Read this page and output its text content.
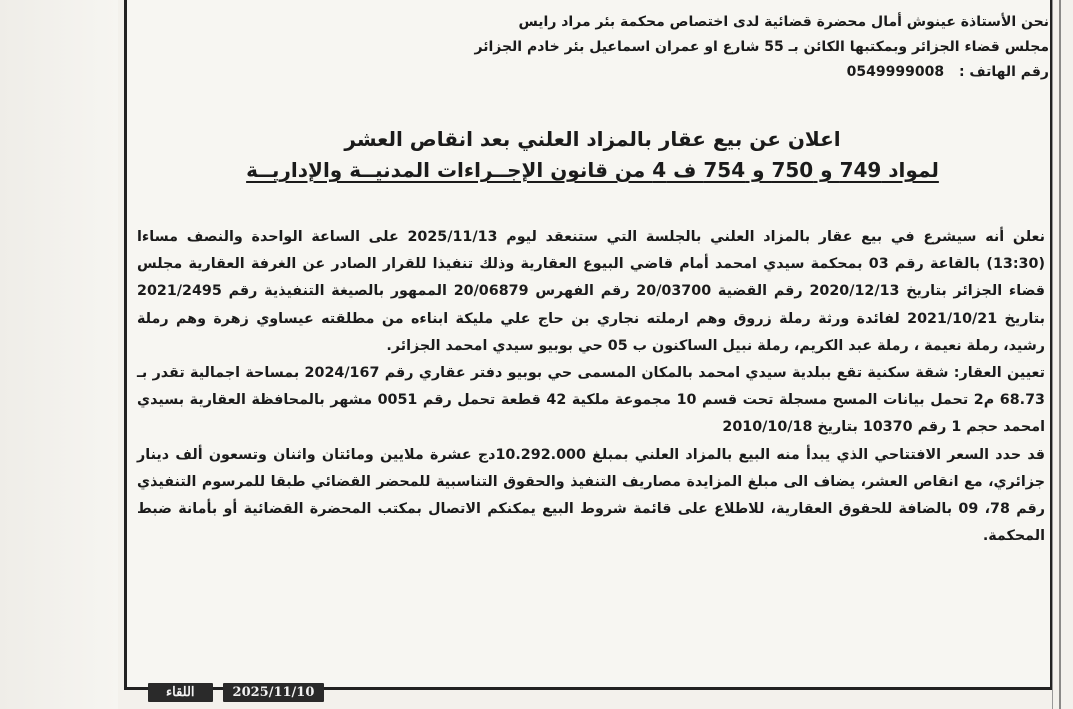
نحن الأستاذة عينوش أمال محضرة قضائية لدى اختصاص محكمة بئر مراد رايس
مجلس قضاء الجزائر وبمكتبها الكائن بـ 55 شارع او عمران اسماعيل بئر خادم الجزائر
رقم الهاتف : 0549999008
اعلان عن بيع عقار بالمزاد العلني بعد انقاص العشر
لمواد 749 و 750 و 754 ف 4 من قانون الإجــراءات المدنيــة والإداريــة

نعلن أنه سيشرع في بيع عقار بالمزاد العلني بالجلسة التي ستنعقد ليوم 2025/11/13 على الساعة الواحدة والنصف مساءا (13:30) بالقاعة رقم 03 بمحكمة سيدي امحمد أمام قاضي البيوع العقارية وذلك تنفيذا للقرار الصادر عن الغرفة العقارية مجلس قضاء الجزائر بتاريخ 2020/12/13 رقم القضية 20/03700 رقم الفهرس 20/06879 الممهور بالصيغة التنفيذية رقم 2021/2495 بتاريخ 2021/10/21 لفائدة ورثة رملة زروق وهم ارملته نجاري بن حاج علي مليكة ابناءه من مطلقته عيساوي زهرة وهم رملة رشيد، رملة نعيمة ، رملة عبد الكريم، رملة نبيل الساكنون ب 05 حي بوبيو سيدي امحمد الجزائر.

تعيين العقار: شقة سكنية تقع ببلدية سيدي امحمد بالمكان المسمى حي بوبيو دفتر عقاري رقم 2024/167 بمساحة اجمالية تقدر بـ 68.73 م2 تحمل بيانات المسح مسجلة تحت قسم 10 مجموعة ملكية 42 قطعة تحمل رقم 0051 مشهر بالمحافظة العقارية بسيدي امحمد حجم 1 رقم 10370 بتاريخ 2010/10/18

قد حدد السعر الافتتاحي الذي يبدأ منه البيع بالمزاد العلني بمبلغ 10.292.000دج عشرة ملايين ومائتان واثنان وتسعون ألف دينار جزائري، مع انقاص العشر، يضاف الى مبلغ المزايدة مصاريف التنفيذ والحقوق التناسبية للمحضر القضائي طبقا للمرسوم التنفيذي رقم 78، 09 بالضافة للحقوق العقارية، للاطلاع على قائمة شروط البيع يمكنكم الاتصال بمكتب المحضرة القضائية أو بأمانة ضبط المحكمة.

اللقاء	2025/11/10
